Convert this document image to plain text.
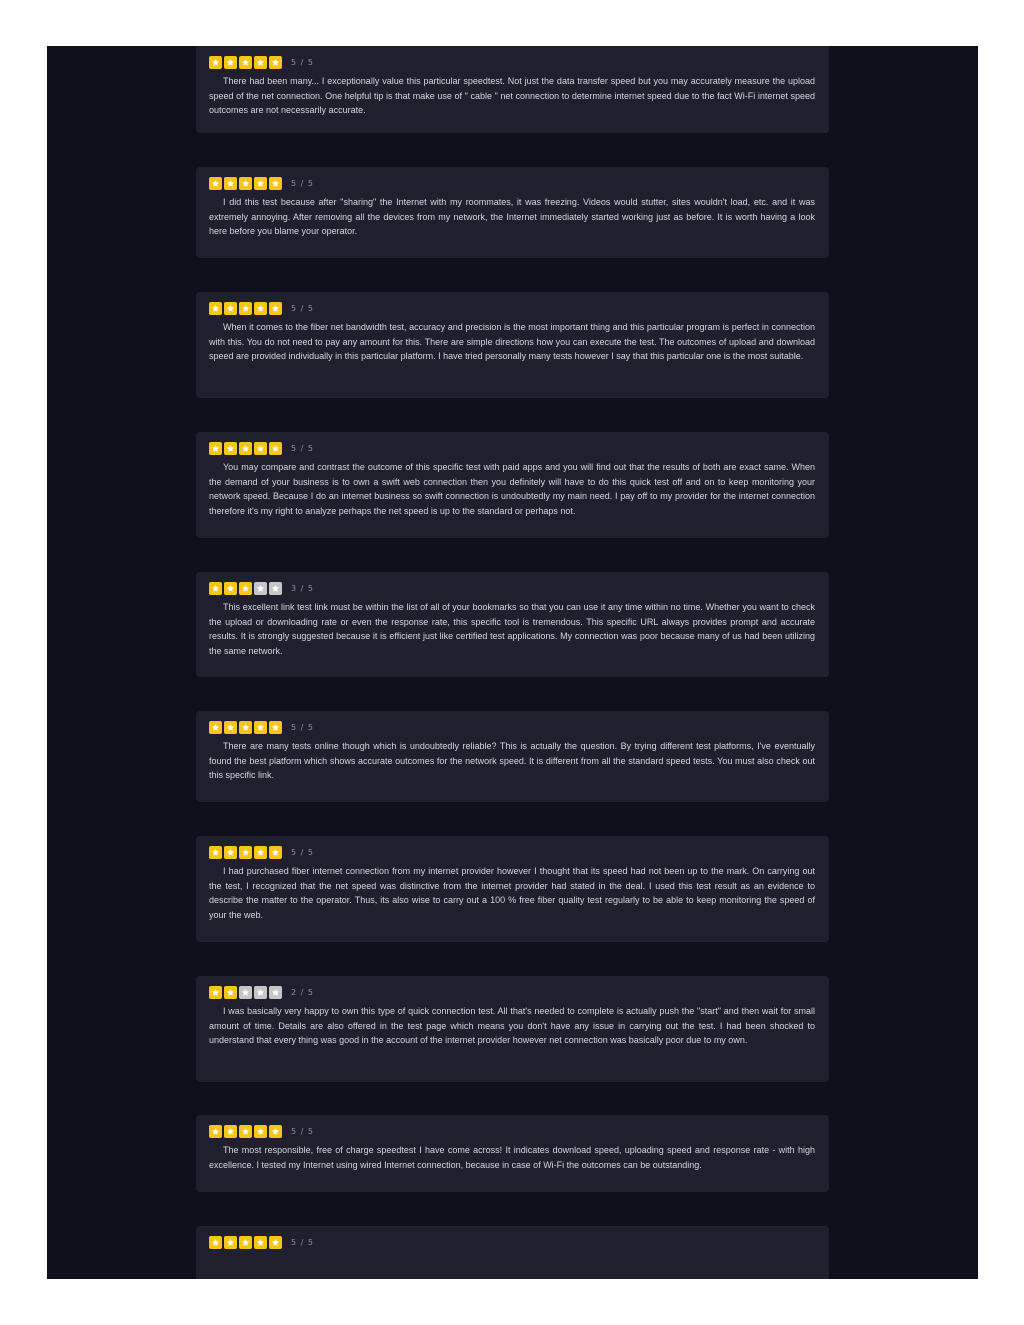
5 / 5

There had been many... I exceptionally value this particular speedtest. Not just the data transfer speed but you may accurately measure the upload speed of the net connection. One helpful tip is that make use of " cable " net connection to determine internet speed due to the fact Wi-Fi internet speed outcomes are not necessarily accurate.

5 / 5

I did this test because after "sharing" the Internet with my roommates, it was freezing. Videos would stutter, sites wouldn't load, etc. and it was extremely annoying. After removing all the devices from my network, the Internet immediately started working just as before. It is worth having a look here before you blame your operator.

5 / 5

When it comes to the fiber net bandwidth test, accuracy and precision is the most important thing and this particular program is perfect in connection with this. You do not need to pay any amount for this. There are simple directions how you can execute the test. The outcomes of upload and download speed are provided individually in this particular platform. I have tried personally many tests however I say that this particular one is the most suitable.

5 / 5

You may compare and contrast the outcome of this specific test with paid apps and you will find out that the results of both are exact same. When the demand of your business is to own a swift web connection then you definitely will have to do this quick test off and on to keep monitoring your network speed. Because I do an internet business so swift connection is undoubtedly my main need. I pay off to my provider for the internet connection therefore it's my right to analyze perhaps the net speed is up to the standard or perhaps not.

3 / 5

This excellent link test link must be within the list of all of your bookmarks so that you can use it any time within no time. Whether you want to check the upload or downloading rate or even the response rate, this specific tool is tremendous. This specific URL always provides prompt and accurate results. It is strongly suggested because it is efficient just like certified test applications. My connection was poor because many of us had been utilizing the same network.

5 / 5

There are many tests online though which is undoubtedly reliable? This is actually the question. By trying different test platforms, I've eventually found the best platform which shows accurate outcomes for the network speed. It is different from all the standard speed tests. You must also check out this specific link.

5 / 5

I had purchased fiber internet connection from my internet provider however I thought that its speed had not been up to the mark. On carrying out the test, I recognized that the net speed was distinctive from the internet provider had stated in the deal. I used this test result as an evidence to describe the matter to the operator. Thus, its also wise to carry out a 100 % free fiber quality test regularly to be able to keep monitoring the speed of your the web.

2 / 5

I was basically very happy to own this type of quick connection test. All that's needed to complete is actually push the "start" and then wait for small amount of time. Details are also offered in the test page which means you don't have any issue in carrying out the test. I had been shocked to understand that every thing was good in the account of the internet provider however net connection was basically poor due to my own.

5 / 5

The most responsible, free of charge speedtest I have come across! It indicates download speed, uploading speed and response rate - with high excellence. I tested my Internet using wired Internet connection, because in case of Wi-Fi the outcomes can be outstanding.

5 / 5
